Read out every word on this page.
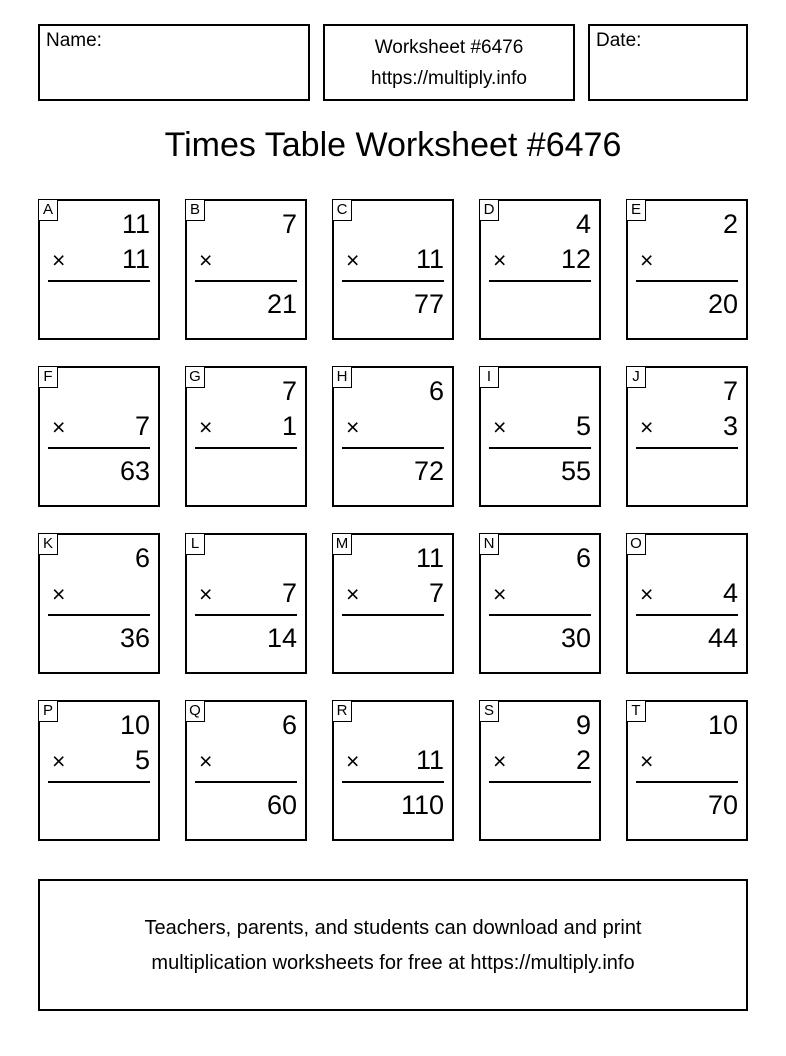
Name:	Worksheet #6476
https://multiply.info
Date:
Times Table Worksheet #6476
A	11
× 11
B	7
×
21
C
× 11
77
D	4
× 12
E	2
×
20
F
×	7
63
G	7
×	1
H	6
×
72
I
×	5
55
J	7
×	3
K	6
×
36
L
×	7
14
M	11
×	7
N	6
×
30
O
×	4
44
P 10
×	5
Q	6
×
60
R
× 11
110
S	9
×	2
T 10
×
70
Teachers, parents, and students can download and print
multiplication worksheets for free at https://multiply.info
